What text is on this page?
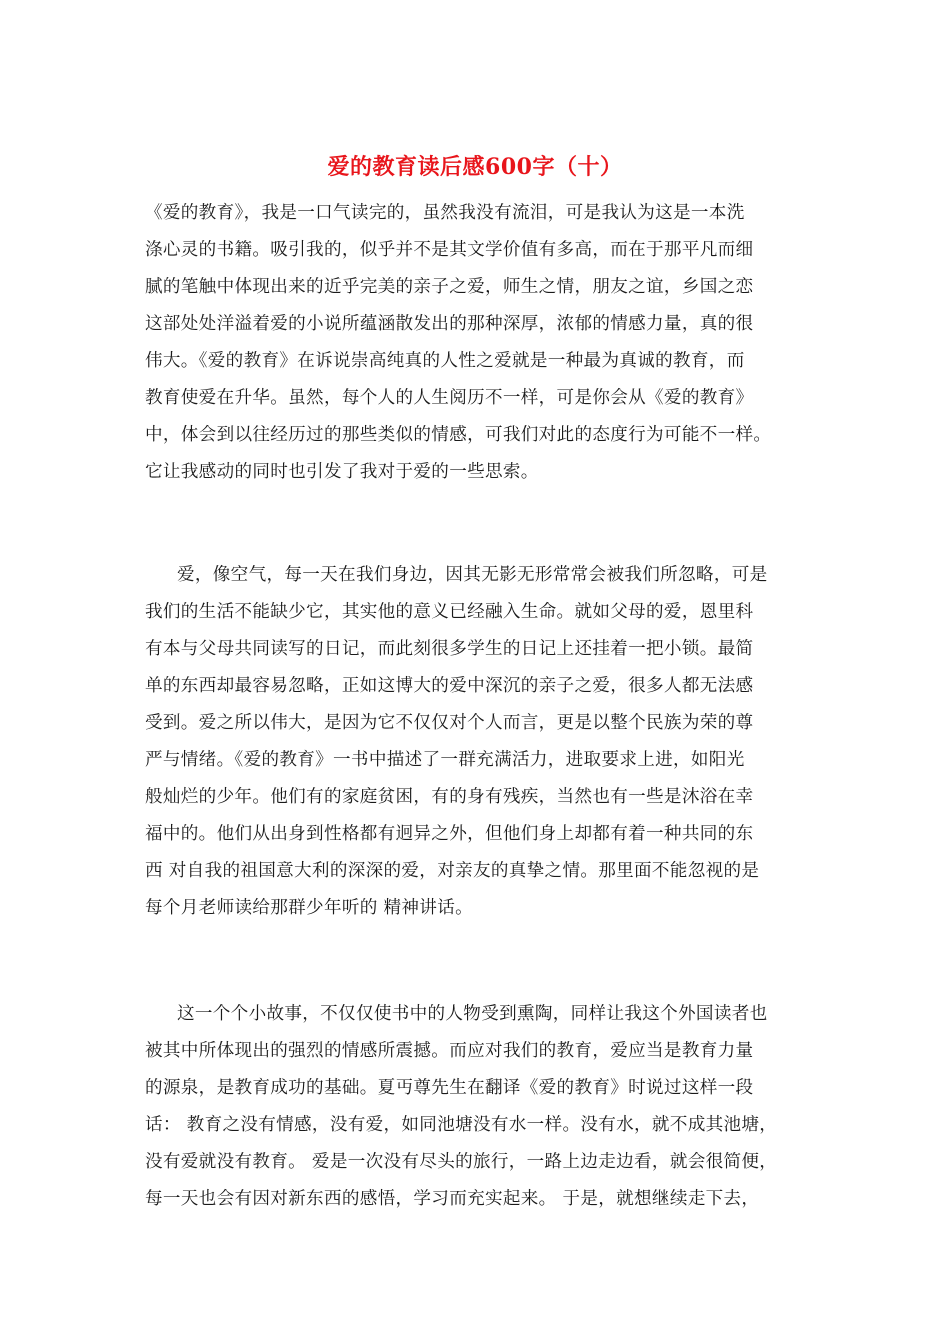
爱的教育读后感600字（十）
《爱的教育》，我是一口气读完的，虽然我没有流泪，可是我认为这是一本洗
涤心灵的书籍。吸引我的，似乎并不是其文学价值有多高，而在于那平凡而细
腻的笔触中体现出来的近乎完美的亲子之爱，师生之情，朋友之谊，乡国之恋
这部处处洋溢着爱的小说所蕴涵散发出的那种深厚，浓郁的情感力量，真的很
伟大。《爱的教育》在诉说崇高纯真的人性之爱就是一种最为真诚的教育，而
教育使爱在升华。虽然，每个人的人生阅历不一样，可是你会从《爱的教育》
中，体会到以往经历过的那些类似的情感，可我们对此的态度行为可能不一样。
它让我感动的同时也引发了我对于爱的一些思索。
爱，像空气，每一天在我们身边，因其无影无形常常会被我们所忽略，可是
我们的生活不能缺少它，其实他的意义已经融入生命。就如父母的爱，恩里科
有本与父母共同读写的日记，而此刻很多学生的日记上还挂着一把小锁。最简
单的东西却最容易忽略，正如这博大的爱中深沉的亲子之爱，很多人都无法感
受到。爱之所以伟大，是因为它不仅仅对个人而言，更是以整个民族为荣的尊
严与情绪。《爱的教育》一书中描述了一群充满活力，进取要求上进，如阳光
般灿烂的少年。他们有的家庭贫困，有的身有残疾，当然也有一些是沐浴在幸
福中的。他们从出身到性格都有迥异之外，但他们身上却都有着一种共同的东
西 对自我的祖国意大利的深深的爱，对亲友的真挚之情。那里面不能忽视的是
每个月老师读给那群少年听的 精神讲话。
这一个个小故事，不仅仅使书中的人物受到熏陶，同样让我这个外国读者也
被其中所体现出的强烈的情感所震撼。而应对我们的教育，爱应当是教育力量
的源泉，是教育成功的基础。夏丏尊先生在翻译《爱的教育》时说过这样一段
话： 教育之没有情感，没有爱，如同池塘没有水一样。没有水，就不成其池塘，
没有爱就没有教育。 爱是一次没有尽头的旅行，一路上边走边看，就会很简便，
每一天也会有因对新东西的感悟，学习而充实起来。 于是，就想继续走下去，
